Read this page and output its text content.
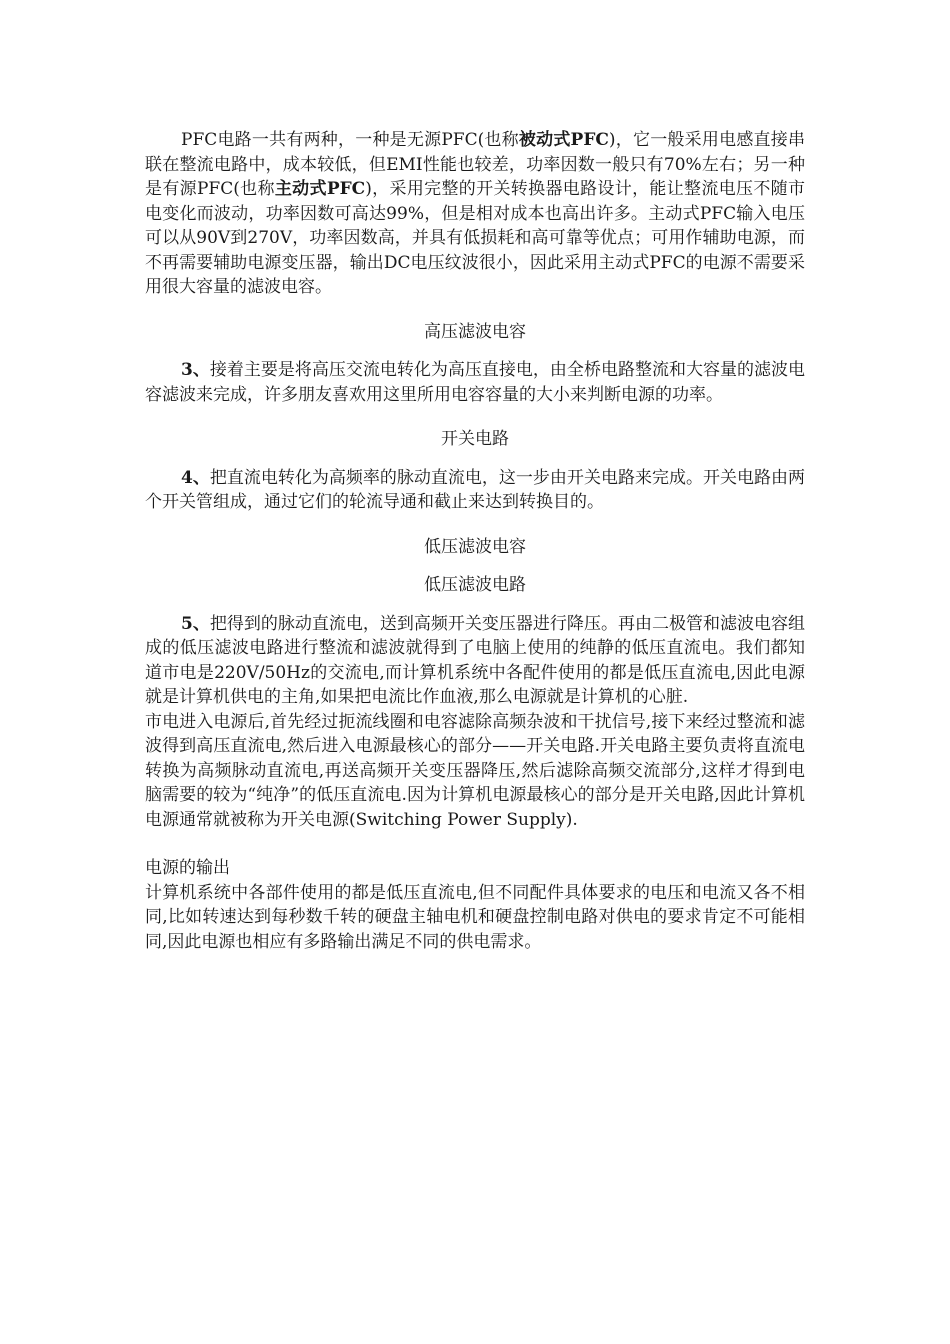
PFC电路一共有两种，一种是无源PFC(也称被动式PFC)，它一般采用电感直接串联在整流电路中，成本较低，但EMI性能也较差，功率因数一般只有70%左右；另一种是有源PFC(也称主动式PFC)，采用完整的开关转换器电路设计，能让整流电压不随市电变化而波动，功率因数可高达99%，但是相对成本也高出许多。主动式PFC输入电压可以从90V到270V，功率因数高，并具有低损耗和高可靠等优点；可用作辅助电源，而不再需要辅助电源变压器，输出DC电压纹波很小，因此采用主动式PFC的电源不需要采用很大容量的滤波电容。

高压滤波电容

3、接着主要是将高压交流电转化为高压直接电，由全桥电路整流和大容量的滤波电容滤波来完成，许多朋友喜欢用这里所用电容容量的大小来判断电源的功率。

开关电路

4、把直流电转化为高频率的脉动直流电，这一步由开关电路来完成。开关电路由两个开关管组成，通过它们的轮流导通和截止来达到转换目的。

低压滤波电容

低压滤波电路

5、把得到的脉动直流电，送到高频开关变压器进行降压。再由二极管和滤波电容组成的低压滤波电路进行整流和滤波就得到了电脑上使用的纯静的低压直流电。我们都知道市电是220V/50Hz的交流电,而计算机系统中各配件使用的都是低压直流电,因此电源就是计算机供电的主角,如果把电流比作血液,那么电源就是计算机的心脏.

市电进入电源后,首先经过扼流线圈和电容滤除高频杂波和干扰信号,接下来经过整流和滤波得到高压直流电,然后进入电源最核心的部分——开关电路.开关电路主要负责将直流电转换为高频脉动直流电,再送高频开关变压器降压,然后滤除高频交流部分,这样才得到电脑需要的较为“纯净”的低压直流电.因为计算机电源最核心的部分是开关电路,因此计算机电源通常就被称为开关电源(Switching Power Supply).

电源的输出

计算机系统中各部件使用的都是低压直流电,但不同配件具体要求的电压和电流又各不相同,比如转速达到每秒数千转的硬盘主轴电机和硬盘控制电路对供电的要求肯定不可能相同,因此电源也相应有多路输出满足不同的供电需求。
